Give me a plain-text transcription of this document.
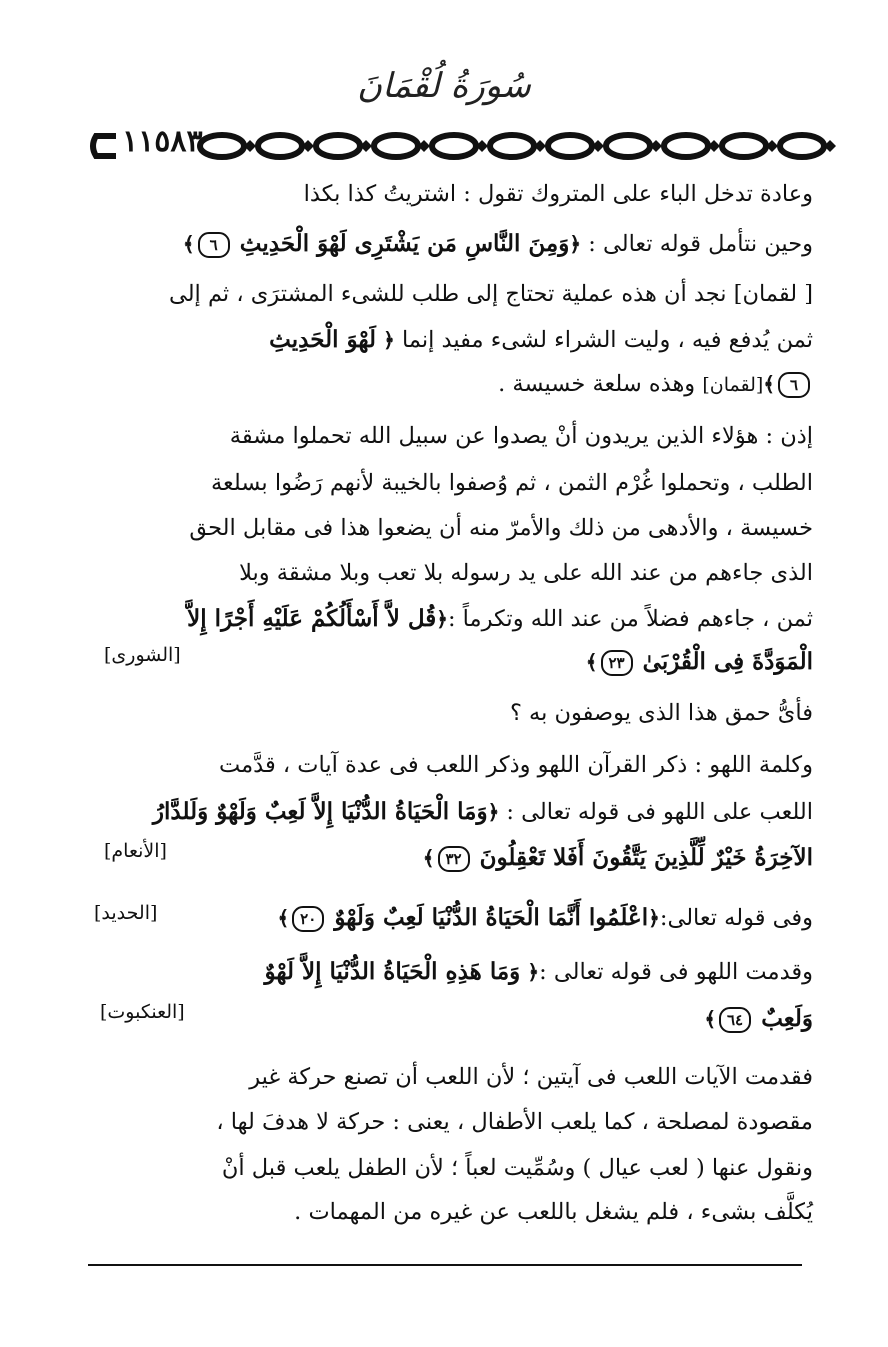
سُورَةُ لُقْمَانَ
١١٥٨٣
وعادة تدخل الباء على المتروك تقول : اشتريتُ كذا بكذا
وحين نتأمل قوله تعالى : ﴿وَمِنَ النَّاسِ مَن يَشْتَرِى لَهْوَ الْحَدِيثِ ٦﴾
[ لقمان] نجد أن هذه عملية تحتاج إلى طلب للشىء المشترَى ، ثم إلى
ثمن يُدفع فيه ، وليت الشراء لشىء مفيد إنما ﴿ لَهْوَ الْحَدِيثِ
٦﴾[لقمان] وهذه سلعة خسيسة .
إذن : هؤلاء الذين يريدون أنْ يصدوا عن سبيل الله تحملوا مشقة
الطلب ، وتحملوا غُرْم الثمن ، ثم وُصفوا بالخيبة لأنهم رَضُوا بسلعة
خسيسة ، والأدهى من ذلك والأمرّ منه أن يضعوا هذا فى مقابل الحق
الذى جاءهم من عند الله على يد رسوله بلا تعب وبلا مشقة وبلا
ثمن ، جاءهم فضلاً من عند الله وتكرماً :﴿قُل لاَّ أَسْأَلُكُمْ عَلَيْهِ أَجْرًا إِلاَّ
الْمَوَدَّةَ فِى الْقُرْبَىٰ ٢٣﴾
[الشورى]
فأىُّ حمق هذا الذى يوصفون به ؟
وكلمة اللهو : ذكر القرآن اللهو وذكر اللعب فى عدة آيات ، قدَّمت
اللعب على اللهو فى قوله تعالى : ﴿وَمَا الْحَيَاةُ الدُّنْيَا إِلاَّ لَعِبٌ وَلَهْوٌ وَلَلدَّارُ
الآخِرَةُ خَيْرٌ لِّلَّذِينَ يَتَّقُونَ أَفَلا تَعْقِلُونَ ٣٢﴾
[الأنعام]
وفى قوله تعالى:﴿اعْلَمُوا أَنَّمَا الْحَيَاةُ الدُّنْيَا لَعِبٌ وَلَهْوٌ ٢٠﴾
[الحديد]
وقدمت اللهو فى قوله تعالى :﴿ وَمَا هَذِهِ الْحَيَاةُ الدُّنْيَا إِلاَّ لَهْوٌ
وَلَعِبٌ ٦٤﴾
[العنكبوت]
فقدمت الآيات اللعب فى آيتين ؛ لأن اللعب أن تصنع حركة غير
مقصودة لمصلحة ، كما يلعب الأطفال ، يعنى : حركة لا هدفَ لها ،
ونقول عنها ( لعب عيال ) وسُمِّيت لعباً ؛ لأن الطفل يلعب قبل أنْ
يُكلَّف بشىء ، فلم يشغل باللعب عن غيره من المهمات .
